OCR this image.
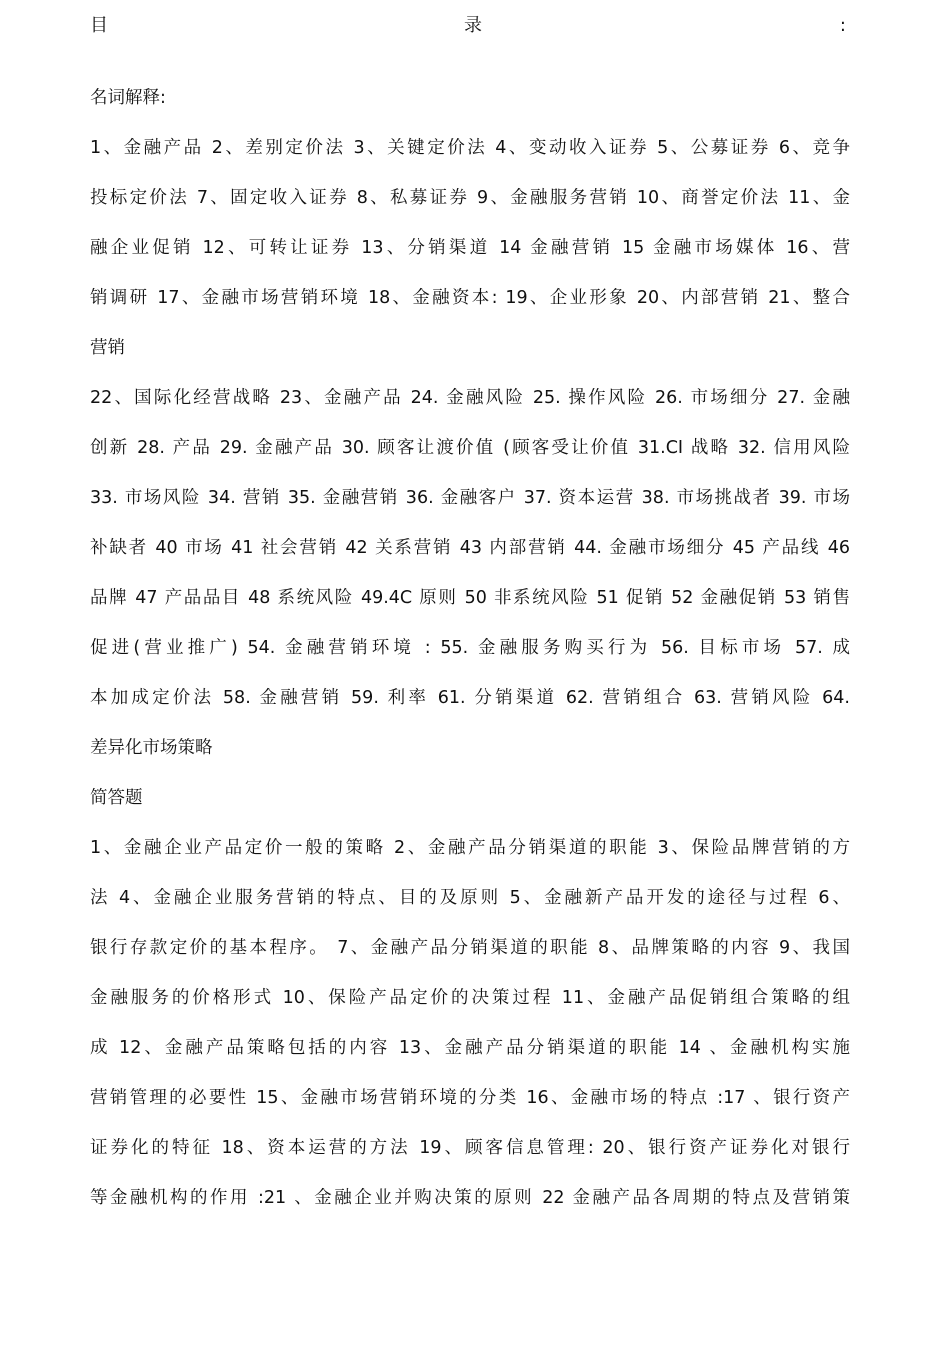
目	录	:
名词解释:
1、金融产品 2、差别定价法 3、关键定价法 4、变动收入证券 5、公募证券 6、竞争
投标定价法 7、固定收入证券 8、私募证券 9、金融服务营销 10、商誉定价法 11、金
融企业促销 12、可转让证券 13、分销渠道 14 金融营销 15 金融市场媒体 16、营
销调研 17、金融市场营销环境 18、金融资本: 19、企业形象 20、内部营销 21、整合
营销
22、国际化经营战略 23、金融产品 24. 金融风险 25. 操作风险 26. 市场细分 27. 金融
创新 28. 产品 29. 金融产品 30. 顾客让渡价值 (顾客受让价值 31.CI 战略 32. 信用风险
33. 市场风险 34. 营销 35. 金融营销 36. 金融客户 37. 资本运营 38. 市场挑战者 39. 市场
补缺者 40 市场 41 社会营销 42 关系营销 43 内部营销 44. 金融市场细分 45 产品线 46
品牌 47 产品品目 48 系统风险 49.4C 原则 50 非系统风险 51 促销 52 金融促销 53 销售
促进(营业推广) 54. 金融营销环境 : 55. 金融服务购买行为 56. 目标市场 57. 成
本加成定价法 58. 金融营销 59. 利率 61. 分销渠道 62. 营销组合 63. 营销风险 64.
差异化市场策略
简答题
1、金融企业产品定价一般的策略 2、金融产品分销渠道的职能 3、保险品牌营销的方
法 4、金融企业服务营销的特点、目的及原则 5、金融新产品开发的途径与过程 6、
银行存款定价的基本程序。 7、金融产品分销渠道的职能 8、品牌策略的内容 9、我国
金融服务的价格形式 10、保险产品定价的决策过程 11、金融产品促销组合策略的组
成 12、金融产品策略包括的内容 13、金融产品分销渠道的职能 14 、金融机构实施
营销管理的必要性 15、金融市场营销环境的分类 16、金融市场的特点 :17 、银行资产
证券化的特征 18、资本运营的方法 19、顾客信息管理: 20、银行资产证券化对银行
等金融机构的作用 :21 、金融企业并购决策的原则 22 金融产品各周期的特点及营销策
